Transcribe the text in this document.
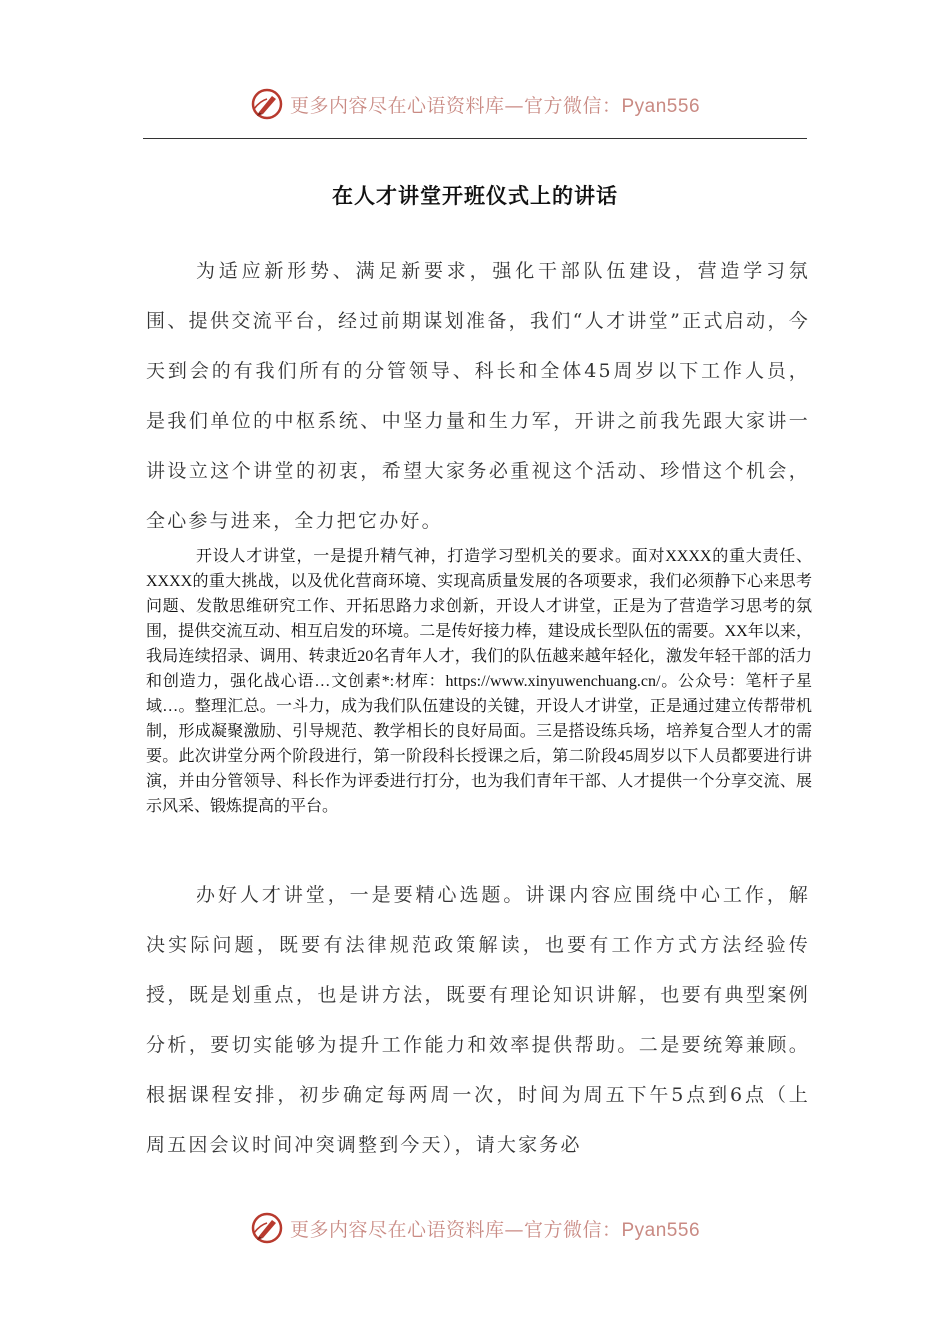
更多内容尽在心语资料库—官方微信：Pyan556
在人才讲堂开班仪式上的讲话

为适应新形势、满足新要求，强化干部队伍建设，营造学习氛围、提供交流平台，经过前期谋划准备，我们“人才讲堂”正式启动，今天到会的有我们所有的分管领导、科长和全体45周岁以下工作人员，是我们单位的中枢系统、中坚力量和生力军，开讲之前我先跟大家讲一讲设立这个讲堂的初衷，希望大家务必重视这个活动、珍惜这个机会，全心参与进来，全力把它办好。

开设人才讲堂，一是提升精气神，打造学习型机关的要求。面对XXXX的重大责任、XXXX的重大挑战，以及优化营商环境、实现高质量发展的各项要求，我们必须静下心来思考问题、发散思维研究工作、开拓思路力求创新，开设人才讲堂，正是为了营造学习思考的氛围，提供交流互动、相互启发的环境。二是传好接力棒，建设成长型队伍的需要。XX年以来，我局连续招录、调用、转隶近20名青年人才，我们的队伍越来越年轻化，激发年轻干部的活力和创造力，强化战心语…文创素*:材库：https://www.xinyuwenchuang.cn/。公众号：笔杆子星域…。整理汇总。一斗力，成为我们队伍建设的关键，开设人才讲堂，正是通过建立传帮带机制，形成凝聚激励、引导规范、教学相长的良好局面。三是搭设练兵场，培养复合型人才的需要。此次讲堂分两个阶段进行，第一阶段科长授课之后，第二阶段45周岁以下人员都要进行讲演，并由分管领导、科长作为评委进行打分，也为我们青年干部、人才提供一个分享交流、展示风采、锻炼提高的平台。

办好人才讲堂，一是要精心选题。讲课内容应围绕中心工作，解决实际问题，既要有法律规范政策解读，也要有工作方式方法经验传授，既是划重点，也是讲方法，既要有理论知识讲解，也要有典型案例分析，要切实能够为提升工作能力和效率提供帮助。二是要统筹兼顾。根据课程安排，初步确定每两周一次，时间为周五下午5点到6点（上周五因会议时间冲突调整到今天），请大家务必

更多内容尽在心语资料库—官方微信：Pyan556
